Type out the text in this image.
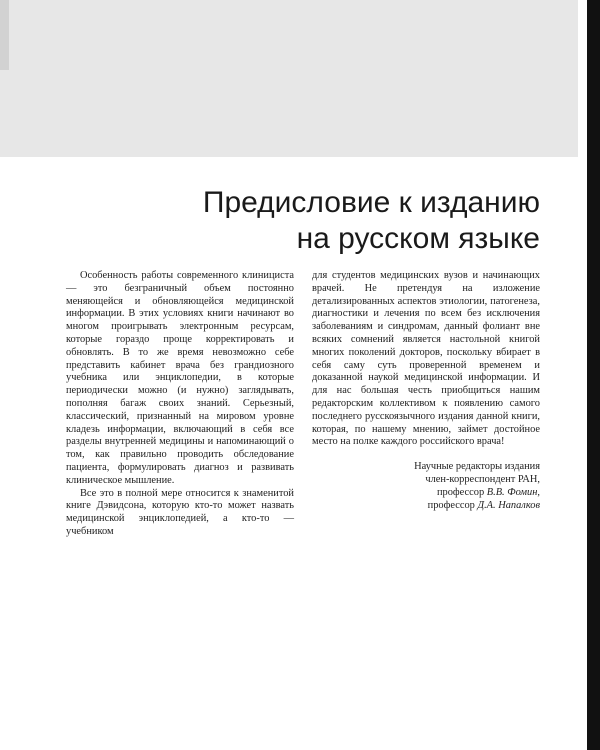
Предисловие к изданию
на русском языке

Особенность работы современного клинициста — это безграничный объем постоянно меняющейся и обновляющейся медицинской информации. В этих условиях книги начинают во многом проигрывать электронным ресурсам, которые гораздо проще корректировать и обновлять. В то же время невозможно себе представить кабинет врача без грандиозного учебника или энциклопедии, в которые периодически можно (и нужно) заглядывать, пополняя багаж своих знаний. Серьезный, классический, признанный на мировом уровне кладезь информации, включающий в себя все разделы внутренней медицины и напоминающий о том, как правильно проводить обследование пациента, формулировать диагноз и развивать клиническое мышление.

Все это в полной мере относится к знаменитой книге Дэвидсона, которую кто-то может назвать медицинской энциклопедией, а кто-то — учебником

для студентов медицинских вузов и начинающих врачей. Не претендуя на изложение детализированных аспектов этиологии, патогенеза, диагностики и лечения по всем без исключения заболеваниям и синдромам, данный фолиант вне всяких сомнений является настольной книгой многих поколений докторов, поскольку вбирает в себя саму суть проверенной временем и доказанной наукой медицинской информации. И для нас большая честь приобщиться нашим редакторским коллективом к появлению самого последнего русскоязычного издания данной книги, которая, по нашему мнению, займет достойное место на полке каждого российского врача!

Научные редакторы издания
член-корреспондент РАН,
профессор В.В. Фомин,
профессор Д.А. Напалков
